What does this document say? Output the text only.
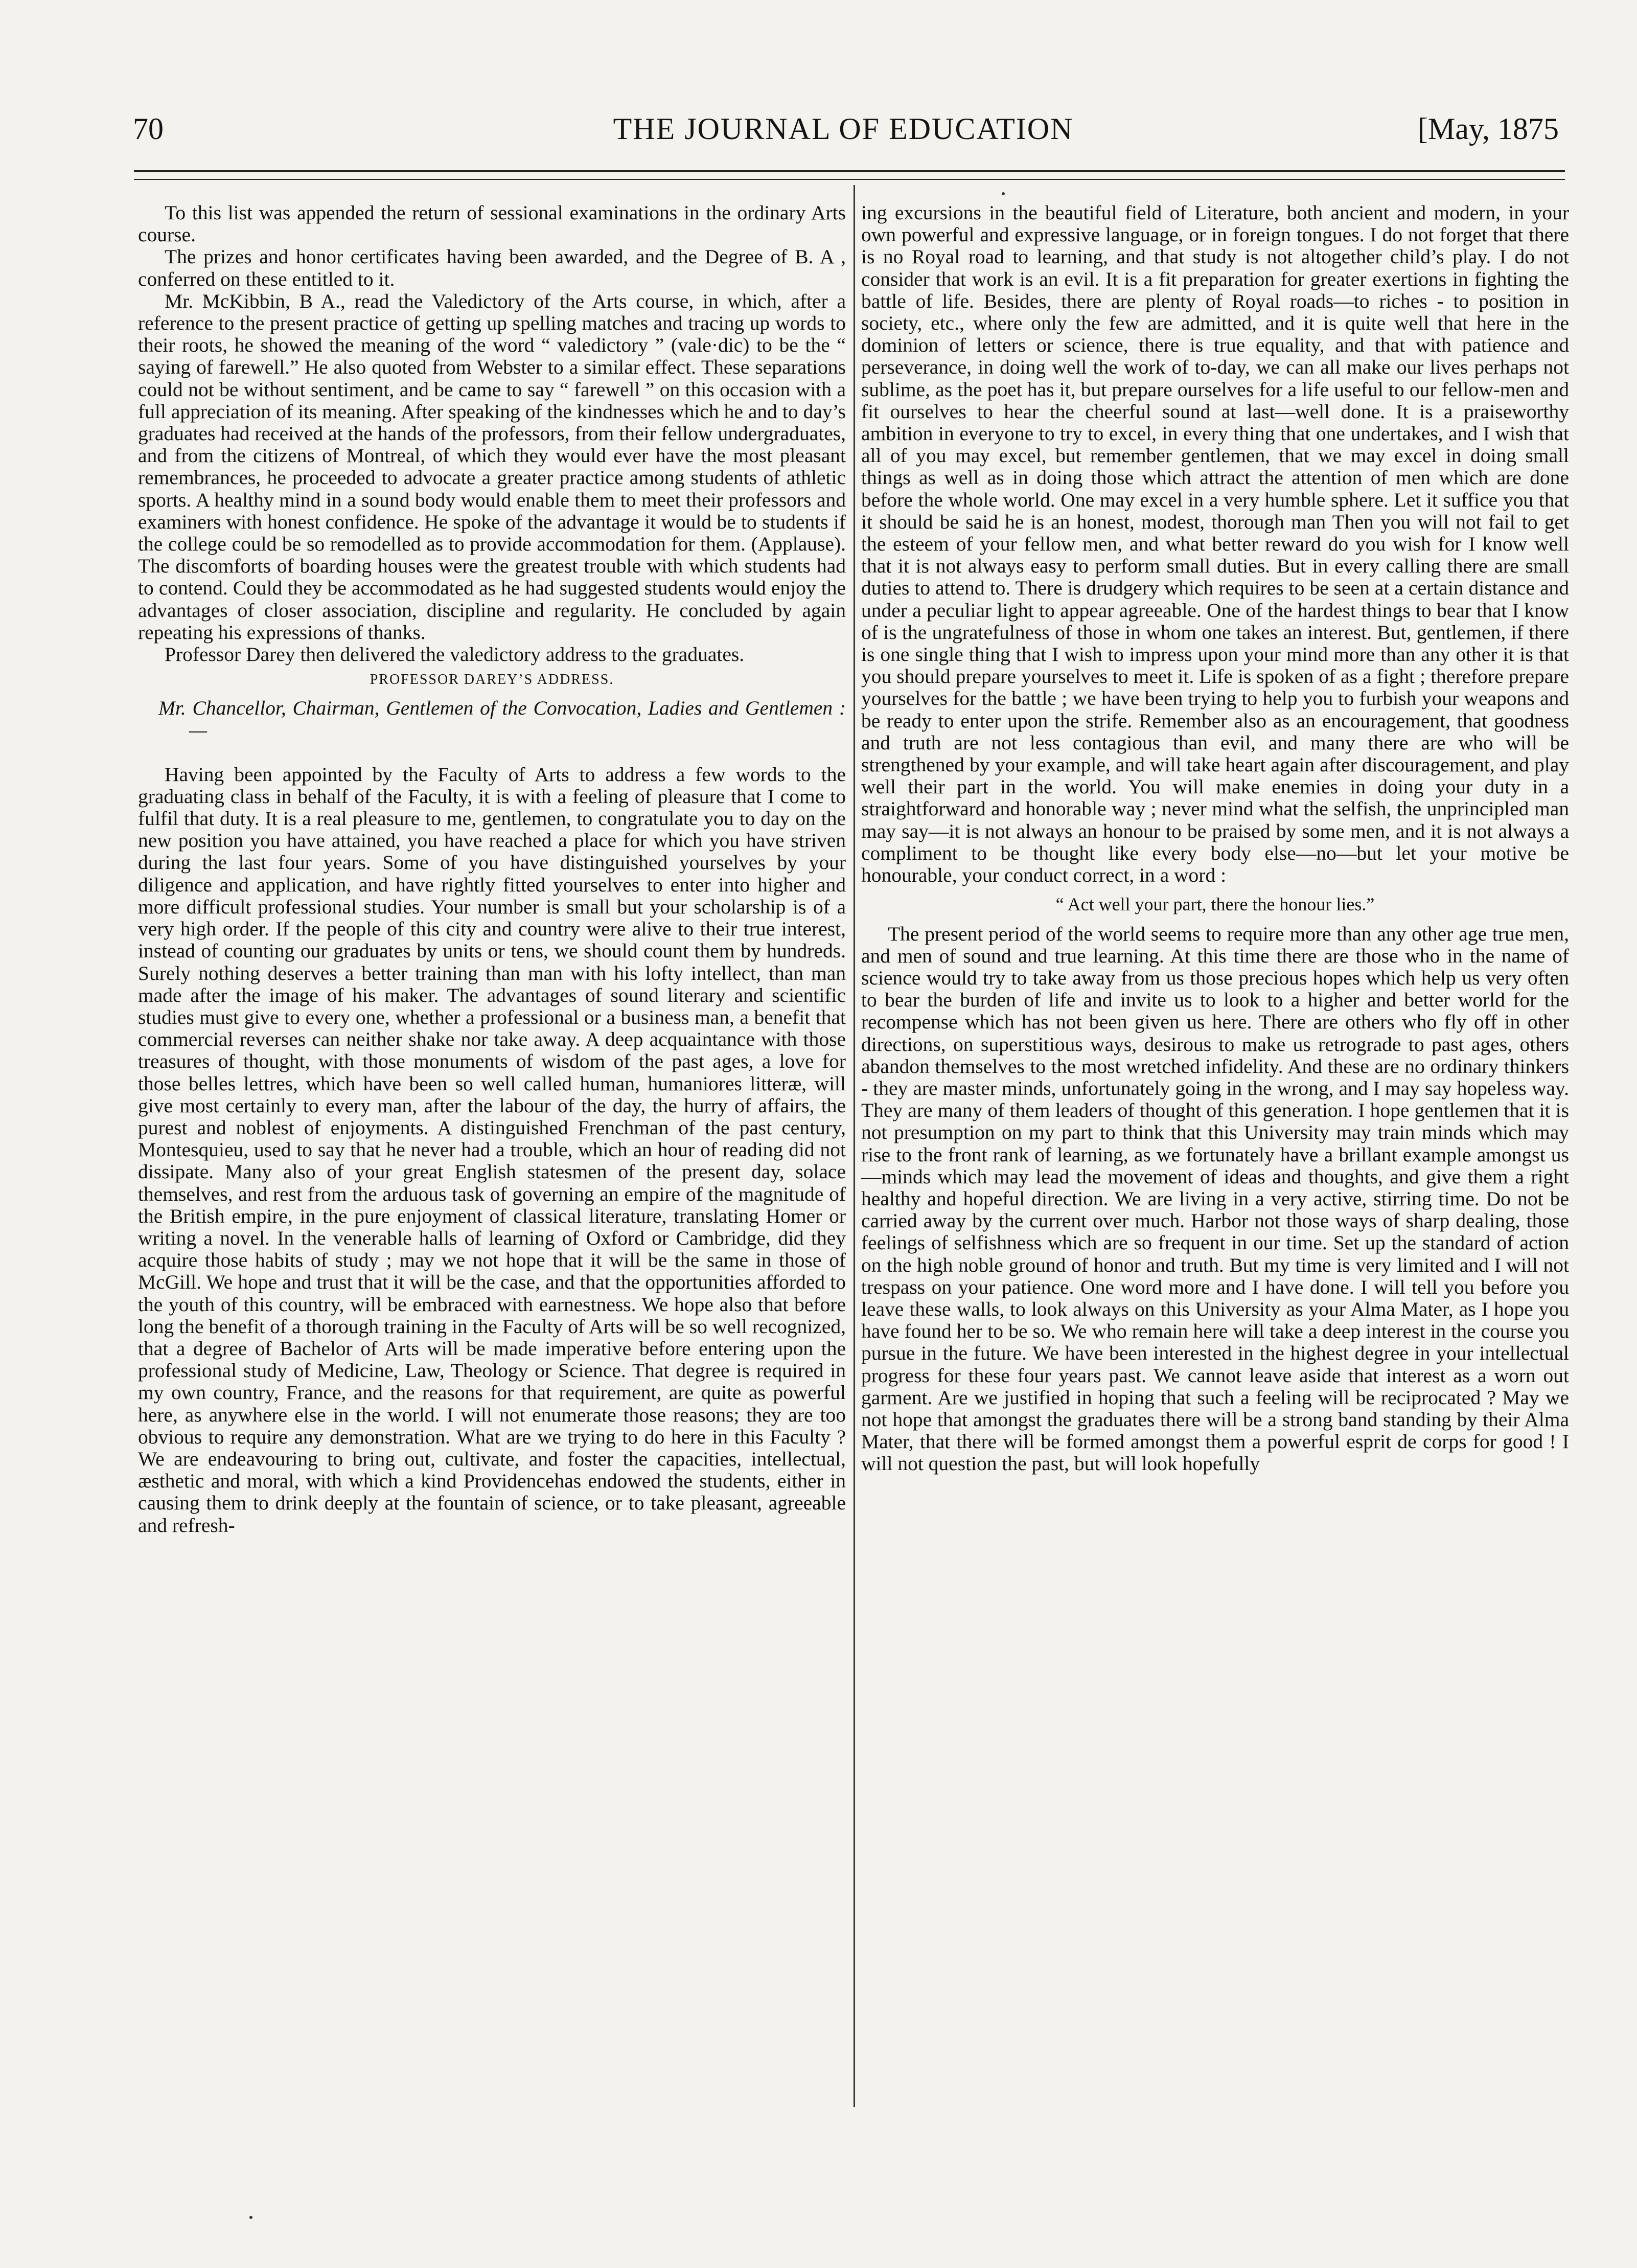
70	THE JOURNAL OF EDUCATION	[May, 1875

To this list was appended the return of sessional examinations in the ordinary Arts course.

The prizes and honor certificates having been awarded, and the Degree of B. A , conferred on these entitled to it.

Mr. McKibbin, B A., read the Valedictory of the Arts course, in which, after a reference to the present practice of getting up spelling matches and tracing up words to their roots, he showed the meaning of the word “ valedictory ” (vale·dic) to be the “ saying of farewell.” He also quoted from Webster to a similar effect. These separations could not be without sentiment, and be came to say “ farewell ” on this occasion with a full appreciation of its meaning. After speaking of the kindnesses which he and to day’s graduates had received at the hands of the professors, from their fellow undergraduates, and from the citizens of Montreal, of which they would ever have the most pleasant remembrances, he proceeded to advocate a greater practice among students of athletic sports. A healthy mind in a sound body would enable them to meet their professors and examiners with honest confidence. He spoke of the advantage it would be to students if the college could be so remodelled as to provide accommodation for them. (Applause). The discomforts of boarding houses were the greatest trouble with which students had to contend. Could they be accommodated as he had suggested students would enjoy the advantages of closer association, discipline and regularity. He concluded by again repeating his expressions of thanks.

Professor Darey then delivered the valedictory address to the graduates.

PROFESSOR DAREY’S ADDRESS.

Mr. Chancellor, Chairman, Gentlemen of the Convocation, Ladies and Gentlemen :—

Having been appointed by the Faculty of Arts to address a few words to the graduating class in behalf of the Faculty, it is with a feeling of pleasure that I come to fulfil that duty. It is a real pleasure to me, gentlemen, to congratulate you to day on the new position you have attained, you have reached a place for which you have striven during the last four years. Some of you have distinguished yourselves by your diligence and application, and have rightly fitted yourselves to enter into higher and more difficult professional studies. Your number is small but your scholarship is of a very high order. If the people of this city and country were alive to their true interest, instead of counting our graduates by units or tens, we should count them by hundreds. Surely nothing deserves a better training than man with his lofty intellect, than man made after the image of his maker. The advantages of sound literary and scientific studies must give to every one, whether a professional or a business man, a benefit that commercial reverses can neither shake nor take away. A deep acquaintance with those treasures of thought, with those monuments of wisdom of the past ages, a love for those belles lettres, which have been so well called human, humaniores litteræ, will give most certainly to every man, after the labour of the day, the hurry of affairs, the purest and noblest of enjoyments. A distinguished Frenchman of the past century, Montesquieu, used to say that he never had a trouble, which an hour of reading did not dissipate. Many also of your great English statesmen of the present day, solace themselves, and rest from the arduous task of governing an empire of the magnitude of the British empire, in the pure enjoyment of classical literature, translating Homer or writing a novel. In the venerable halls of learning of Oxford or Cambridge, did they acquire those habits of study ; may we not hope that it will be the same in those of McGill. We hope and trust that it will be the case, and that the opportunities afforded to the youth of this country, will be embraced with earnestness. We hope also that before long the benefit of a thorough training in the Faculty of Arts will be so well recognized, that a degree of Bachelor of Arts will be made imperative before entering upon the professional study of Medicine, Law, Theology or Science. That degree is required in my own country, France, and the reasons for that requirement, are quite as powerful here, as anywhere else in the world. I will not enumerate those reasons; they are too obvious to require any demonstration. What are we trying to do here in this Faculty ? We are endeavouring to bring out, cultivate, and foster the capacities, intellectual, æsthetic and moral, with which a kind Providencehas endowed the students, either in causing them to drink deeply at the fountain of science, or to take pleasant, agreeable and refresh-

ing excursions in the beautiful field of Literature, both ancient and modern, in your own powerful and expressive language, or in foreign tongues. I do not forget that there is no Royal road to learning, and that study is not altogether child’s play. I do not consider that work is an evil. It is a fit preparation for greater exertions in fighting the battle of life. Besides, there are plenty of Royal roads—to riches - to position in society, etc., where only the few are admitted, and it is quite well that here in the dominion of letters or science, there is true equality, and that with patience and perseverance, in doing well the work of to-day, we can all make our lives perhaps not sublime, as the poet has it, but prepare ourselves for a life useful to our fellow-men and fit ourselves to hear the cheerful sound at last—well done. It is a praiseworthy ambition in everyone to try to excel, in every thing that one undertakes, and I wish that all of you may excel, but remember gentlemen, that we may excel in doing small things as well as in doing those which attract the attention of men which are done before the whole world. One may excel in a very humble sphere. Let it suffice you that it should be said he is an honest, modest, thorough man Then you will not fail to get the esteem of your fellow men, and what better reward do you wish for I know well that it is not always easy to perform small duties. But in every calling there are small duties to attend to. There is drudgery which requires to be seen at a certain distance and under a peculiar light to appear agreeable. One of the hardest things to bear that I know of is the ungratefulness of those in whom one takes an interest. But, gentlemen, if there is one single thing that I wish to impress upon your mind more than any other it is that you should prepare yourselves to meet it. Life is spoken of as a fight ; therefore prepare yourselves for the battle ; we have been trying to help you to furbish your weapons and be ready to enter upon the strife. Remember also as an encouragement, that goodness and truth are not less contagious than evil, and many there are who will be strengthened by your example, and will take heart again after discouragement, and play well their part in the world. You will make enemies in doing your duty in a straightforward and honorable way ; never mind what the selfish, the unprincipled man may say—it is not always an honour to be praised by some men, and it is not always a compliment to be thought like every body else—no—but let your motive be honourable, your conduct correct, in a word :

“ Act well your part, there the honour lies.”

The present period of the world seems to require more than any other age true men, and men of sound and true learning. At this time there are those who in the name of science would try to take away from us those precious hopes which help us very often to bear the burden of life and invite us to look to a higher and better world for the recompense which has not been given us here. There are others who fly off in other directions, on superstitious ways, desirous to make us retrograde to past ages, others abandon themselves to the most wretched infidelity. And these are no ordinary thinkers - they are master minds, unfortunately going in the wrong, and I may say hopeless way. They are many of them leaders of thought of this generation. I hope gentlemen that it is not presumption on my part to think that this University may train minds which may rise to the front rank of learning, as we fortunately have a brillant example amongst us—minds which may lead the movement of ideas and thoughts, and give them a right healthy and hopeful direction. We are living in a very active, stirring time. Do not be carried away by the current over much. Harbor not those ways of sharp dealing, those feelings of selfishness which are so frequent in our time. Set up the standard of action on the high noble ground of honor and truth. But my time is very limited and I will not trespass on your patience. One word more and I have done. I will tell you before you leave these walls, to look always on this University as your Alma Mater, as I hope you have found her to be so. We who remain here will take a deep interest in the course you pursue in the future. We have been interested in the highest degree in your intellectual progress for these four years past. We cannot leave aside that interest as a worn out garment. Are we justified in hoping that such a feeling will be reciprocated ? May we not hope that amongst the graduates there will be a strong band standing by their Alma Mater, that there will be formed amongst them a powerful esprit de corps for good ! I will not question the past, but will look hopefully
